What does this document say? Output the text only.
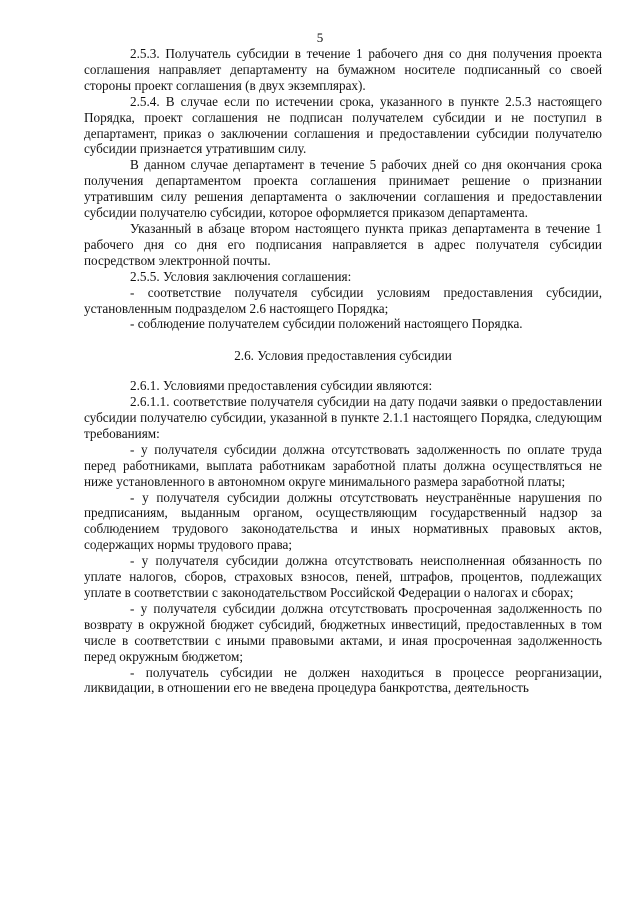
5

2.5.3. Получатель субсидии в течение 1 рабочего дня со дня получения проекта соглашения направляет департаменту на бумажном носителе подписанный со своей стороны проект соглашения (в двух экземплярах).

2.5.4. В случае если по истечении срока, указанного в пункте 2.5.3 настоящего Порядка, проект соглашения не подписан получателем субсидии и не поступил в департамент, приказ о заключении соглашения и предоставлении субсидии получателю субсидии признается утратившим силу.

В данном случае департамент в течение 5 рабочих дней со дня окончания срока получения департаментом проекта соглашения принимает решение о признании утратившим силу решения департамента о заключении соглашения и предоставлении субсидии получателю субсидии, которое оформляется приказом департамента.

Указанный в абзаце втором настоящего пункта приказ департамента в течение 1 рабочего дня со дня его подписания направляется в адрес получателя субсидии посредством электронной почты.

2.5.5. Условия заключения соглашения:

- соответствие получателя субсидии условиям предоставления субсидии, установленным подразделом 2.6 настоящего Порядка;

- соблюдение получателем субсидии положений настоящего Порядка.

2.6. Условия предоставления субсидии

2.6.1. Условиями предоставления субсидии являются:

2.6.1.1. соответствие получателя субсидии на дату подачи заявки о предоставлении субсидии получателю субсидии, указанной в пункте 2.1.1 настоящего Порядка, следующим требованиям:

- у получателя субсидии должна отсутствовать задолженность по оплате труда перед работниками, выплата работникам заработной платы должна осуществляться не ниже установленного в автономном округе минимального размера заработной платы;

- у получателя субсидии должны отсутствовать неустранённые нарушения по предписаниям, выданным органом, осуществляющим государственный надзор за соблюдением трудового законодательства и иных нормативных правовых актов, содержащих нормы трудового права;

- у получателя субсидии должна отсутствовать неисполненная обязанность по уплате налогов, сборов, страховых взносов, пеней, штрафов, процентов, подлежащих уплате в соответствии с законодательством Российской Федерации о налогах и сборах;

- у получателя субсидии должна отсутствовать просроченная задолженность по возврату в окружной бюджет субсидий, бюджетных инвестиций, предоставленных в том числе в соответствии с иными правовыми актами, и иная просроченная задолженность перед окружным бюджетом;

- получатель субсидии не должен находиться в процессе реорганизации, ликвидации, в отношении его не введена процедура банкротства, деятельность
